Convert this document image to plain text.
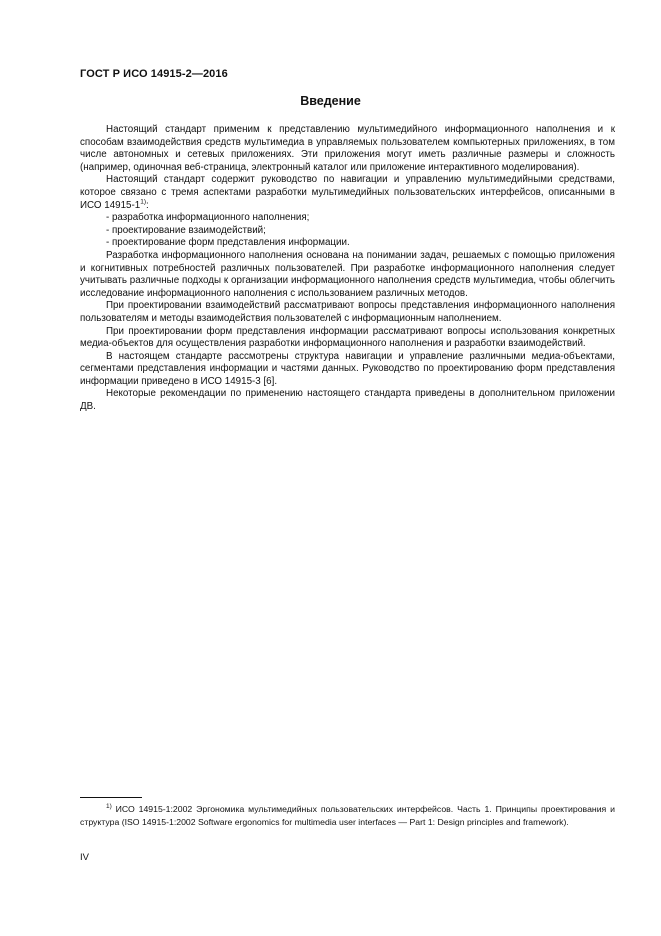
ГОСТ Р ИСО 14915-2—2016
Введение

Настоящий стандарт применим к представлению мультимедийного информационного наполнения и к способам взаимодействия средств мультимедиа в управляемых пользователем компьютерных приложениях, в том числе автономных и сетевых приложениях. Эти приложения могут иметь различные размеры и сложность (например, одиночная веб-страница, электронный каталог или приложение интерактивного моделирования).

Настоящий стандарт содержит руководство по навигации и управлению мультимедийными средствами, которое связано с тремя аспектами разработки мультимедийных пользовательских интерфейсов, описанными в ИСО 14915-1$^{1)}$:

- разработка информационного наполнения;

- проектирование взаимодействий;

- проектирование форм представления информации.

Разработка информационного наполнения основана на понимании задач, решаемых с помощью приложения и когнитивных потребностей различных пользователей. При разработке информационного наполнения следует учитывать различные подходы к организации информационного наполнения средств мультимедиа, чтобы облегчить исследование информационного наполнения с использованием различных методов.

При проектировании взаимодействий рассматривают вопросы представления информационного наполнения пользователям и методы взаимодействия пользователей с информационным наполнением.

При проектировании форм представления информации рассматривают вопросы использования конкретных медиа-объектов для осуществления разработки информационного наполнения и разработки взаимодействий.

В настоящем стандарте рассмотрены структура навигации и управление различными медиа-объектами, сегментами представления информации и частями данных. Руководство по проектированию форм представления информации приведено в ИСО 14915-3 [6].

Некоторые рекомендации по применению настоящего стандарта приведены в дополнительном приложении ДВ.

$^{1)}$ ИСО 14915-1:2002 Эргономика мультимедийных пользовательских интерфейсов. Часть 1. Принципы проектирования и структура (ISO 14915-1:2002 Software ergonomics for multimedia user interfaces — Part 1: Design principles and framework).
IV
